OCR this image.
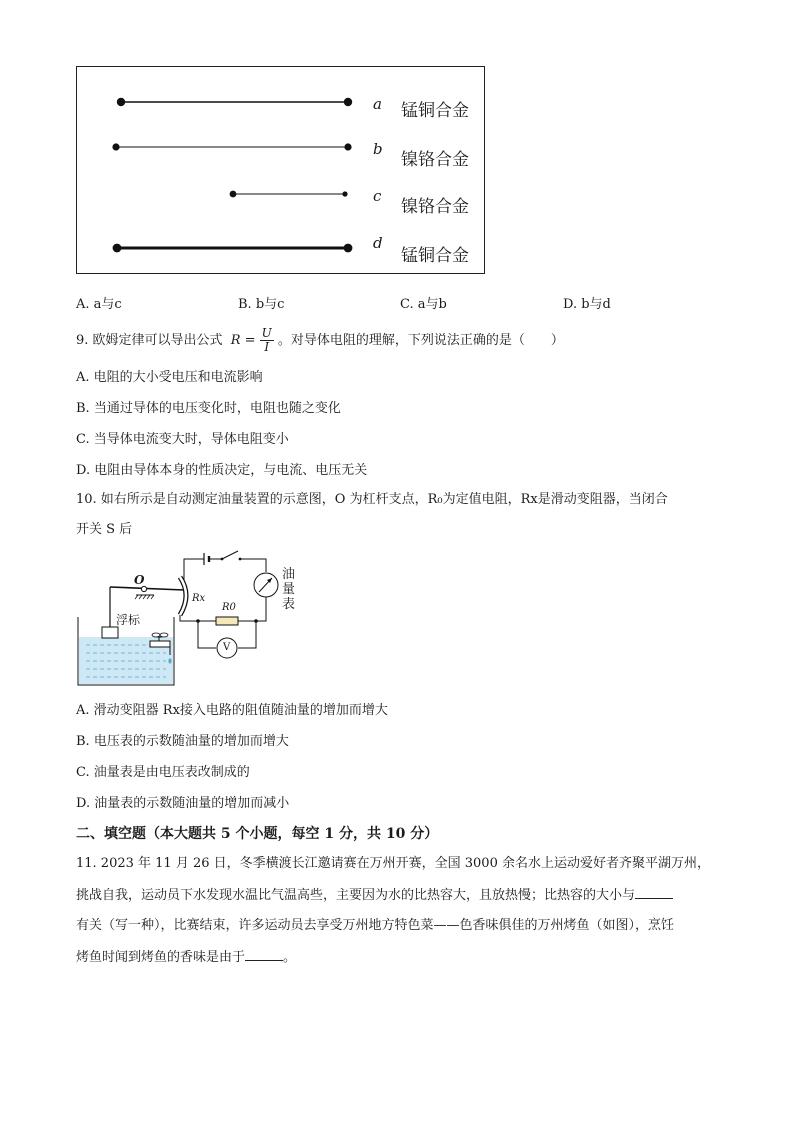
a 锰铜合金
b
镍铬合金
c
镍铬合金
d
锰铜合金
A. a与c	B. b与c	C. a与b	D. b与d
9. 欧姆定律可以导出公式 $R = \frac{U}{I}$ 。对导体电阻的理解，下列说法正确的是（　　）
A. 电阻的大小受电压和电流影响
B. 当通过导体的电压变化时，电阻也随之变化
C. 当导体电流变大时，导体电阻变小
D. 电阻由导体本身的性质决定，与电流、电压无关
10. 如右所示是自动测定油量装置的示意图，O 为杠杆支点，R₀为定值电阻，Rx是滑动变阻器，当闭合
开关 S 后
O
Rx
R0
V
浮标
油量表
A. 滑动变阻器 Rx接入电路的阻值随油量的增加而增大
B. 电压表的示数随油量的增加而增大
C. 油量表是由电压表改制成的
D. 油量表的示数随油量的增加而减小
二、填空题（本大题共 5 个小题，每空 1 分，共 10 分）
11. 2023 年 11 月 26 日，冬季横渡长江邀请赛在万州开赛，全国 3000 余名水上运动爱好者齐聚平湖万州，
挑战自我，运动员下水发现水温比气温高些，主要因为水的比热容大，且放热慢；比热容的大小与
有关（写一种），比赛结束，许多运动员去享受万州地方特色菜——色香味俱佳的万州烤鱼（如图），烹饪
烤鱼时闻到烤鱼的香味是由于	。
